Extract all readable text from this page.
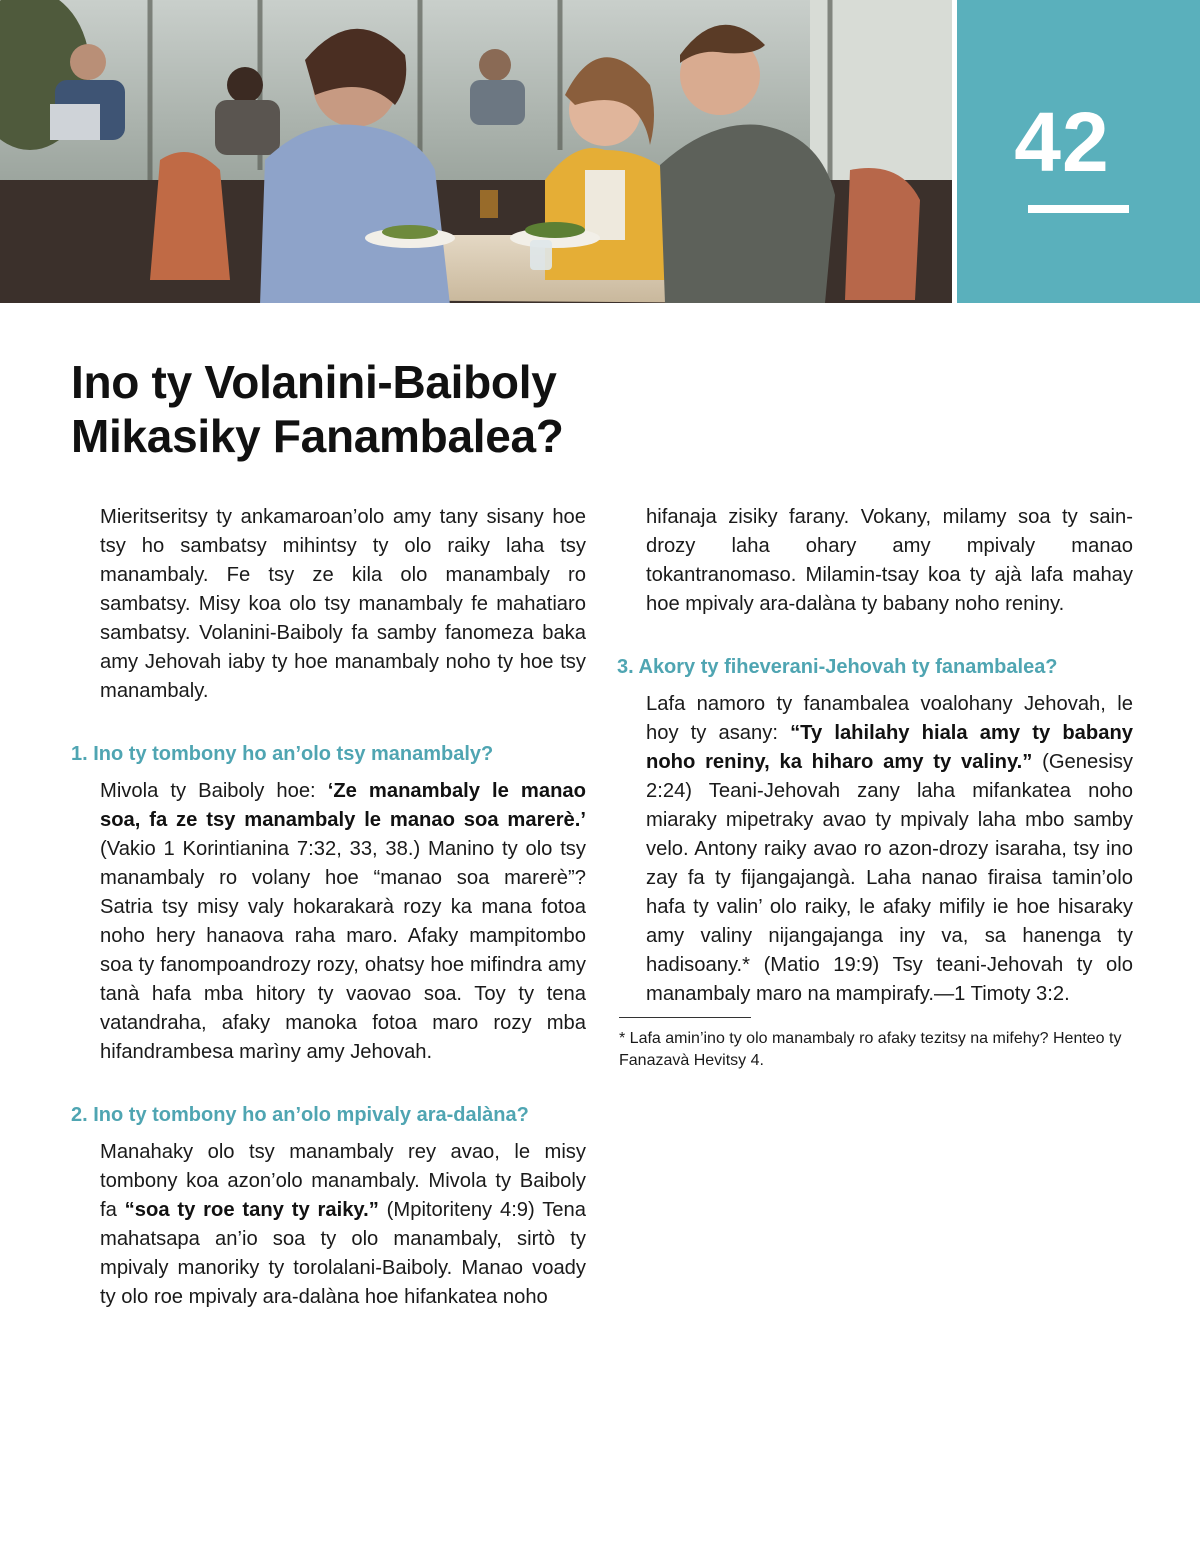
42
Ino ty Volanini-Baiboly
Mikasiky Fanambalea?

Mieritseritsy ty ankamaroan’olo amy tany sisany hoe tsy ho sambatsy mihintsy ty olo raiky laha tsy manambaly. Fe tsy ze kila olo manambaly ro sambatsy. Misy koa olo tsy manambaly fe mahatiaro sambatsy. Volanini-Baiboly fa samby fanomeza baka amy Jehovah iaby ty hoe manambaly noho ty hoe tsy manambaly.

1. Ino ty tombony ho an’olo tsy manambaly?

Mivola ty Baiboly hoe: ‘Ze manambaly le manao soa, fa ze tsy manambaly le manao soa marerè.’ (Vakio 1 Korintianina 7:32, 33, 38.) Manino ty olo tsy manambaly ro volany hoe “manao soa marerè”? Satria tsy misy valy hokarakarà rozy ka mana fotoa noho hery hanaova raha maro. Afaky mampitombo soa ty fanompoandrozy rozy, ohatsy hoe mifindra amy tanà hafa mba hitory ty vaovao soa. Toy ty tena vatandraha, afaky manoka fotoa maro rozy mba hifandrambesa marìny amy Jehovah.

2. Ino ty tombony ho an’olo mpivaly ara-dalàna?

Manahaky olo tsy manambaly rey avao, le misy tombony koa azon’olo manambaly. Mivola ty Baiboly fa “soa ty roe tany ty raiky.” (Mpitoriteny 4:9) Tena mahatsapa an’io soa ty olo manambaly, sirtò ty mpivaly manoriky ty torolalani-Baiboly. Manao voady ty olo roe mpivaly ara-dalàna hoe hifankatea noho

hifanaja zisiky farany. Vokany, milamy soa ty sain-drozy laha ohary amy mpivaly manao tokantranomaso. Milamin-tsay koa ty ajà lafa mahay hoe mpivaly ara-dalàna ty babany noho reniny.

3. Akory ty fiheverani-Jehovah ty fanambalea?

Lafa namoro ty fanambalea voalohany Jehovah, le hoy ty asany: “Ty lahilahy hiala amy ty babany noho reniny, ka hiharo amy ty valiny.” (Genesisy 2:24) Teani-Jehovah zany laha mifankatea noho miaraky mipetraky avao ty mpivaly laha mbo samby velo. Antony raiky avao ro azon-drozy isaraha, tsy ino zay fa ty fijangajangà. Laha nanao firaisa tamin’olo hafa ty valin’ olo raiky, le afaky mifily ie hoe hisaraky amy valiny nijangajanga iny va, sa hanenga ty hadisoany.* (Matio 19:9) Tsy teani-Jehovah ty olo manambaly maro na mampirafy.—1 Timoty 3:2.

* Lafa amin’ino ty olo manambaly ro afaky tezitsy na mifehy? Henteo ty Fanazavà Hevitsy 4.
